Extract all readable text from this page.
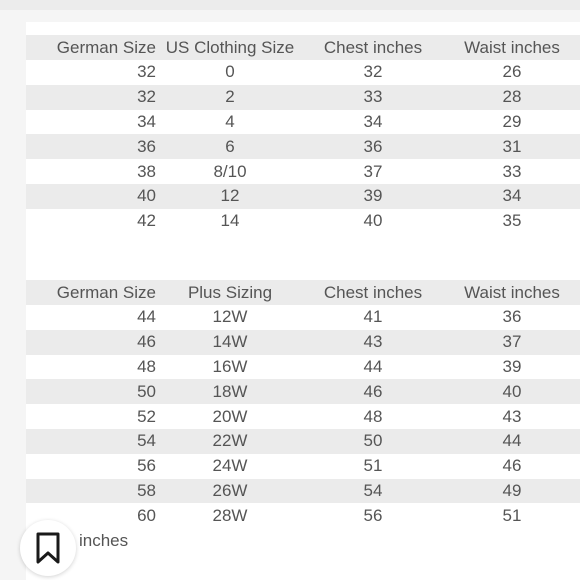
German Size	US Clothing Size	Chest inches	Waist inches
32	0	32	26
32	2	33	28
34	4	34	29
36	6	36	31
38	8/10	37	33
40	12	39	34
42	14	40	35
German Size	Plus Sizing	Chest inches	Waist inches
44	12W	41	36
46	14W	43	37
48	16W	44	39
50	18W	46	40
52	20W	48	43
54	22W	50	44
56	24W	51	46
58	26W	54	49
60	28W	56	51
inches
